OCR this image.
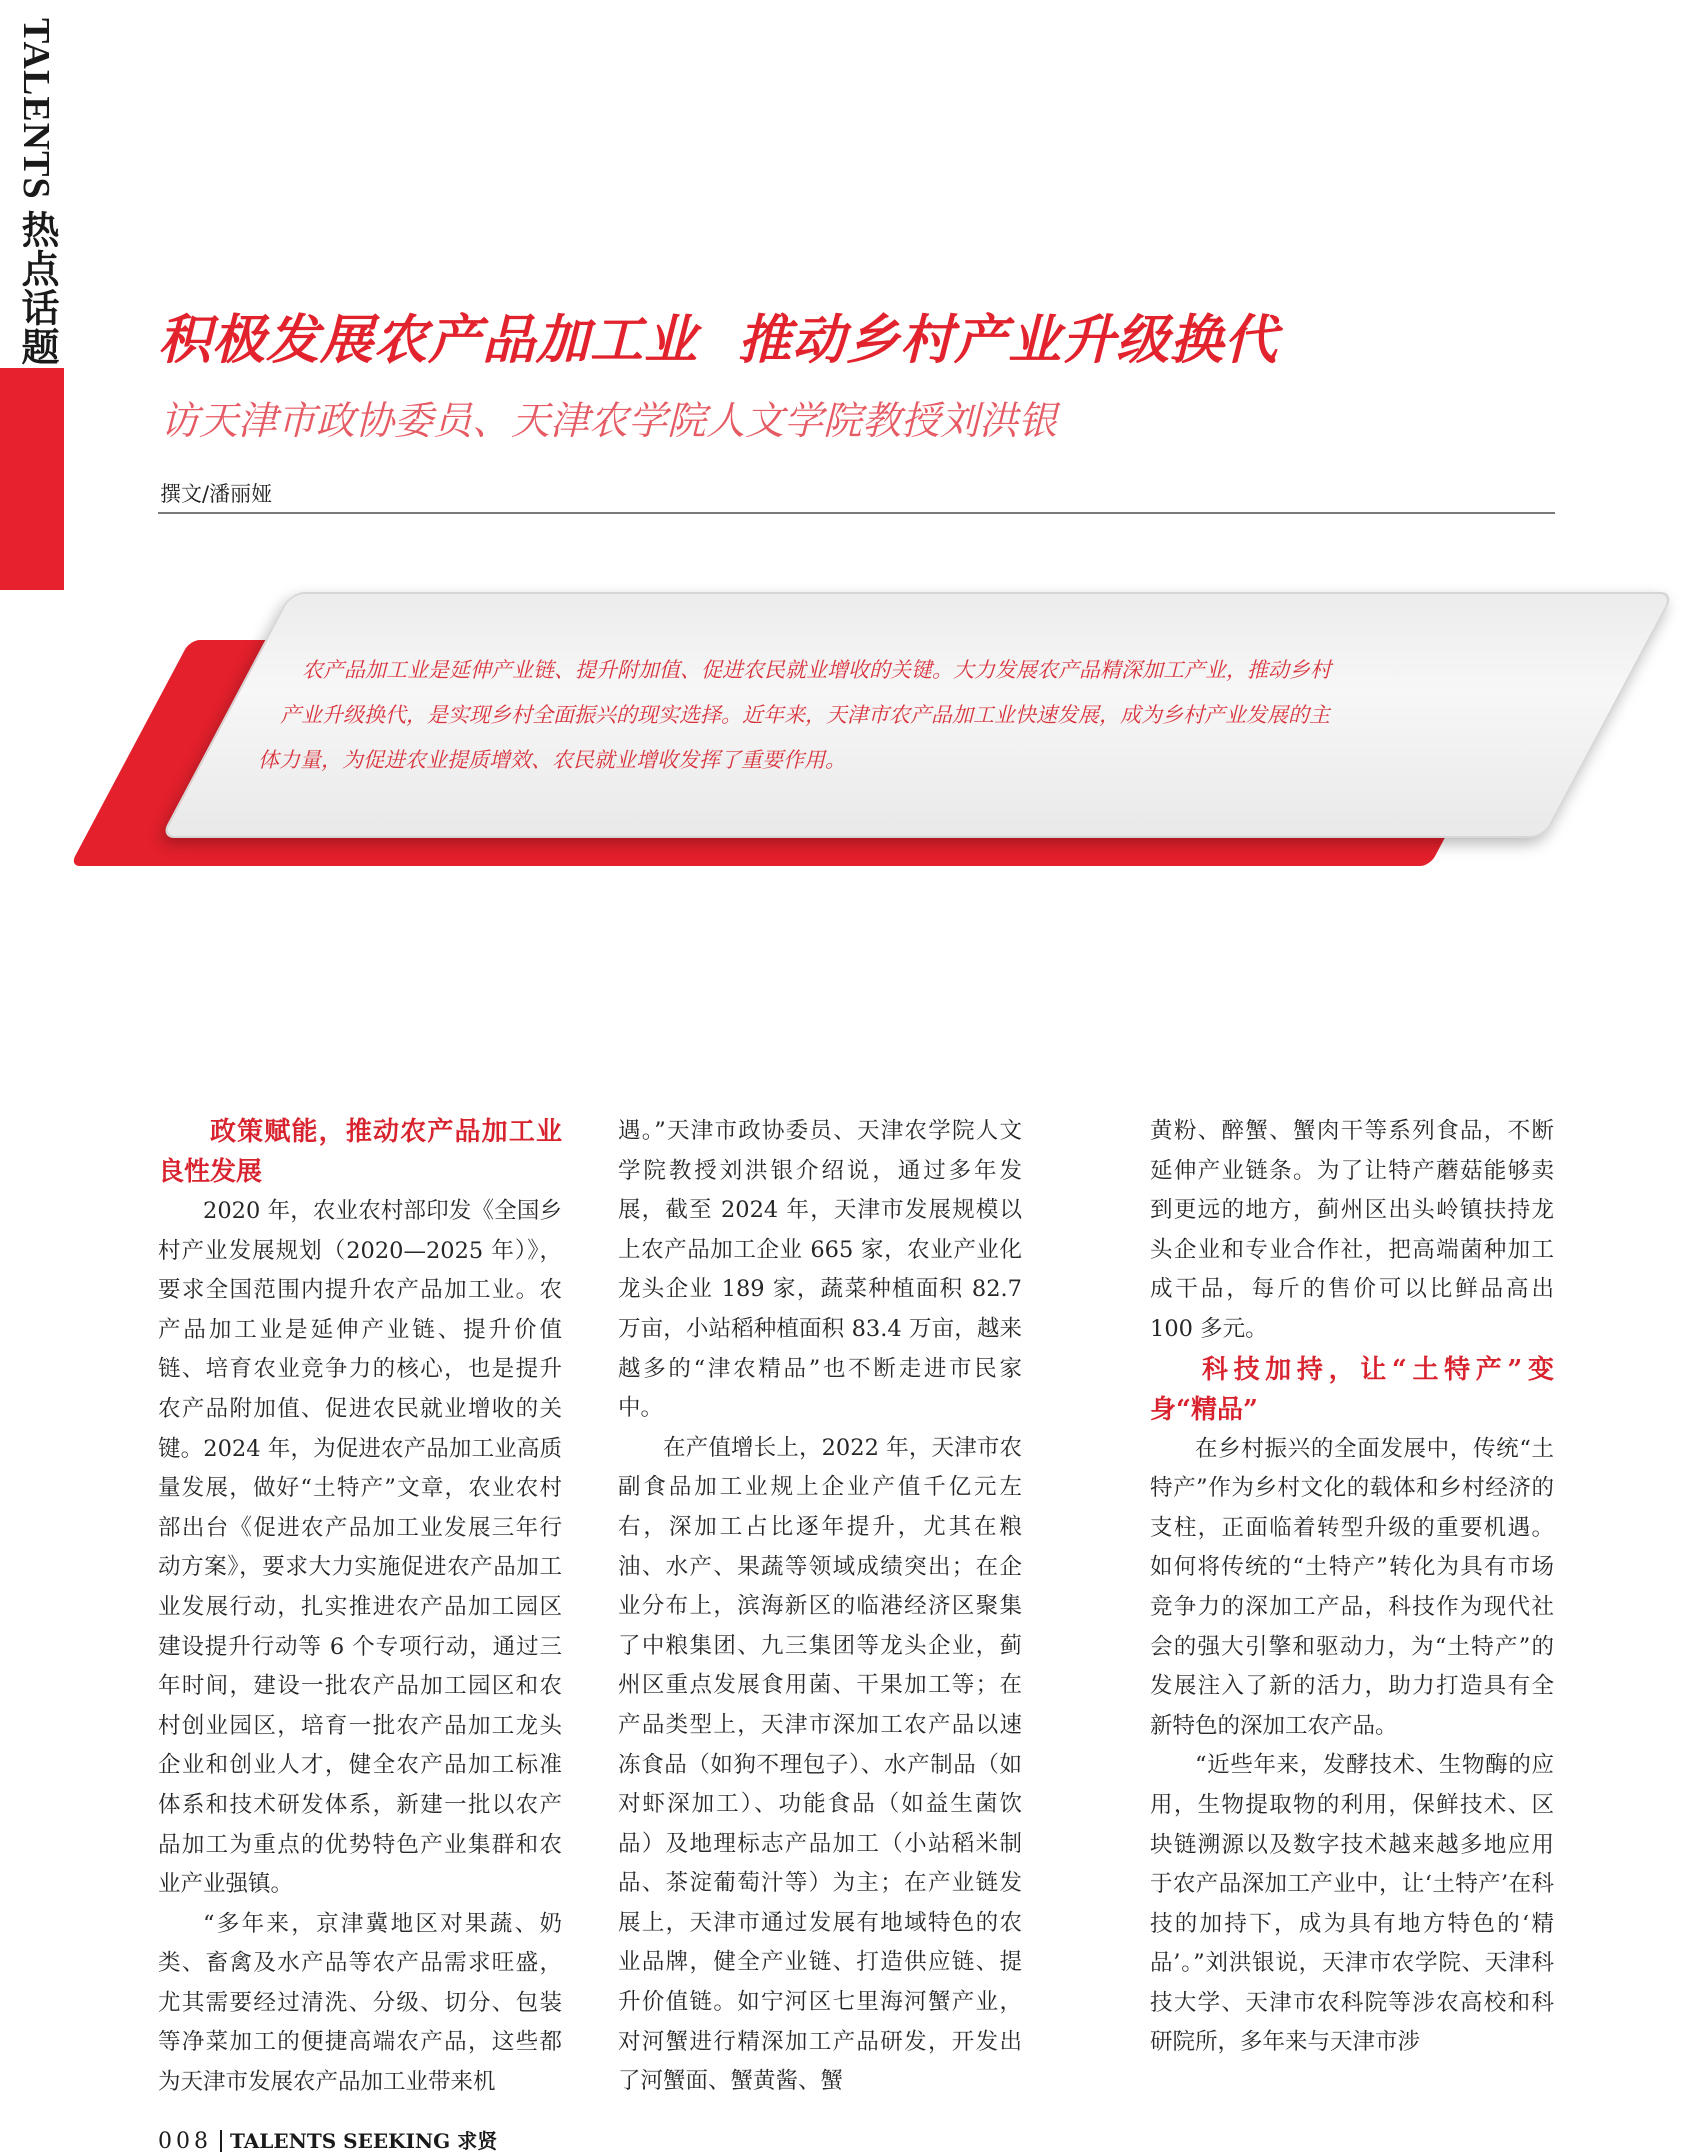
TALENTS 热点话题 积极发展农产品加工业 推动乡村产业升级换代
访天津市政协委员、天津农学院人文学院教授刘洪银
撰文/潘丽娅
农产品加工业是延伸产业链、提升附加值、促进农民就业增收的关键。大力发展农产品精深加工产业，推动乡村
产业升级换代，是实现乡村全面振兴的现实选择。近年来，天津市农产品加工业快速发展，成为乡村产业发展的主
体力量，为促进农业提质增效、农民就业增收发挥了重要作用。

政策赋能，推动农产品加工业良性发展

2020 年，农业农村部印发《全国乡村产业发展规划（2020—2025 年）》，要求全国范围内提升农产品加工业。农产品加工业是延伸产业链、提升价值链、培育农业竞争力的核心，也是提升农产品附加值、促进农民就业增收的关键。2024 年，为促进农产品加工业高质量发展，做好“土特产”文章，农业农村部出台《促进农产品加工业发展三年行动方案》，要求大力实施促进农产品加工业发展行动，扎实推进农产品加工园区建设提升行动等 6 个专项行动，通过三年时间，建设一批农产品加工园区和农村创业园区，培育一批农产品加工龙头企业和创业人才，健全农产品加工标准体系和技术研发体系，新建一批以农产品加工为重点的优势特色产业集群和农业产业强镇。

“多年来，京津冀地区对果蔬、奶类、畜禽及水产品等农产品需求旺盛，尤其需要经过清洗、分级、切分、包装等净菜加工的便捷高端农产品，这些都为天津市发展农产品加工业带来机

遇。”天津市政协委员、天津农学院人文学院教授刘洪银介绍说，通过多年发展，截至 2024 年，天津市发展规模以上农产品加工企业 665 家，农业产业化龙头企业 189 家，蔬菜种植面积 82.7 万亩，小站稻种植面积 83.4 万亩，越来越多的“津农精品”也不断走进市民家中。

在产值增长上，2022 年，天津市农副食品加工业规上企业产值千亿元左右，深加工占比逐年提升，尤其在粮油、水产、果蔬等领域成绩突出；在企业分布上，滨海新区的临港经济区聚集了中粮集团、九三集团等龙头企业，蓟州区重点发展食用菌、干果加工等；在产品类型上，天津市深加工农产品以速冻食品（如狗不理包子）、水产制品（如对虾深加工）、功能食品（如益生菌饮品）及地理标志产品加工（小站稻米制品、茶淀葡萄汁等）为主；在产业链发展上，天津市通过发展有地域特色的农业品牌，健全产业链、打造供应链、提升价值链。如宁河区七里海河蟹产业，对河蟹进行精深加工产品研发，开发出了河蟹面、蟹黄酱、蟹

黄粉、醉蟹、蟹肉干等系列食品，不断延伸产业链条。为了让特产蘑菇能够卖到更远的地方，蓟州区出头岭镇扶持龙头企业和专业合作社，把高端菌种加工成干品，每斤的售价可以比鲜品高出 100 多元。

科技加持，让“土特产”变身“精品”

在乡村振兴的全面发展中，传统“土特产”作为乡村文化的载体和乡村经济的支柱，正面临着转型升级的重要机遇。如何将传统的“土特产”转化为具有市场竞争力的深加工产品，科技作为现代社会的强大引擎和驱动力，为“土特产”的发展注入了新的活力，助力打造具有全新特色的深加工农产品。

“近些年来，发酵技术、生物酶的应用，生物提取物的利用，保鲜技术、区块链溯源以及数字技术越来越多地应用于农产品深加工产业中，让‘土特产’在科技的加持下，成为具有地方特色的‘精品’。”刘洪银说，天津市农学院、天津科技大学、天津市农科院等涉农高校和科研院所，多年来与天津市涉

008 TALENTS SEEKING 求贤
